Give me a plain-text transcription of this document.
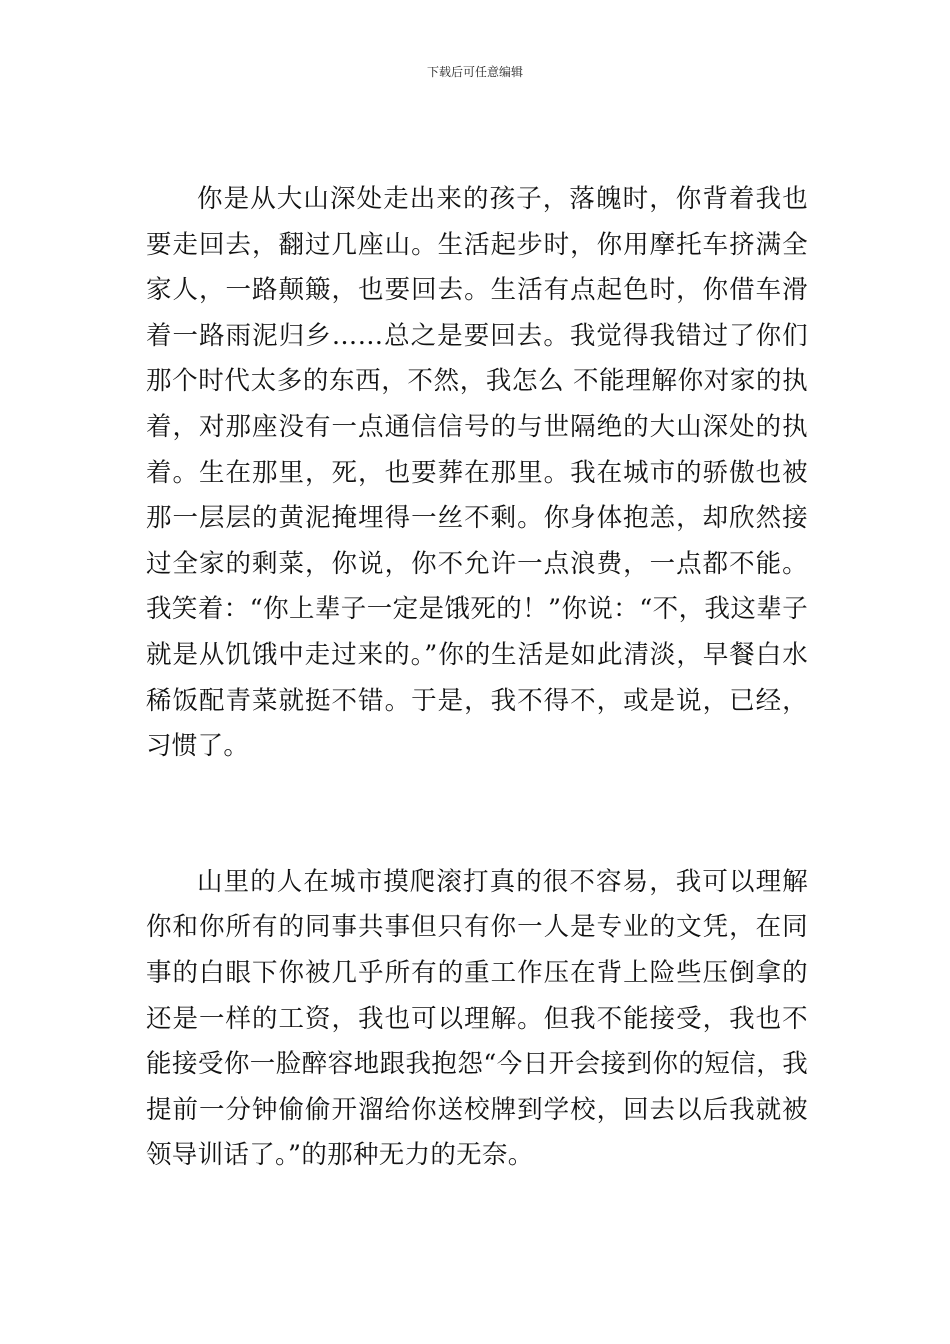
下载后可任意编辑

你是从大山深处走出来的孩子，落魄时，你背着我也要走回去，翻过几座山。生活起步时，你用摩托车挤满全家人，一路颠簸，也要回去。生活有点起色时，你借车滑着一路雨泥归乡……总之是要回去。我觉得我错过了你们那个时代太多的东西，不然，我怎么 不能理解你对家的执着，对那座没有一点通信信号的与世隔绝的大山深处的执着。生在那里，死，也要葬在那里。我在城市的骄傲也被那一层层的黄泥掩埋得一丝不剩。你身体抱恙，却欣然接过全家的剩菜，你说，你不允许一点浪费，一点都不能。我笑着：“你上辈子一定是饿死的！”你说：“不，我这辈子就是从饥饿中走过来的。”你的生活是如此清淡，早餐白水稀饭配青菜就挺不错。于是，我不得不，或是说，已经，习惯了。

山里的人在城市摸爬滚打真的很不容易，我可以理解你和你所有的同事共事但只有你一人是专业的文凭，在同事的白眼下你被几乎所有的重工作压在背上险些压倒拿的还是一样的工资，我也可以理解。但我不能接受，我也不能接受你一脸醉容地跟我抱怨“今日开会接到你的短信，我提前一分钟偷偷开溜给你送校牌到学校，回去以后我就被领导训话了。”的那种无力的无奈。
